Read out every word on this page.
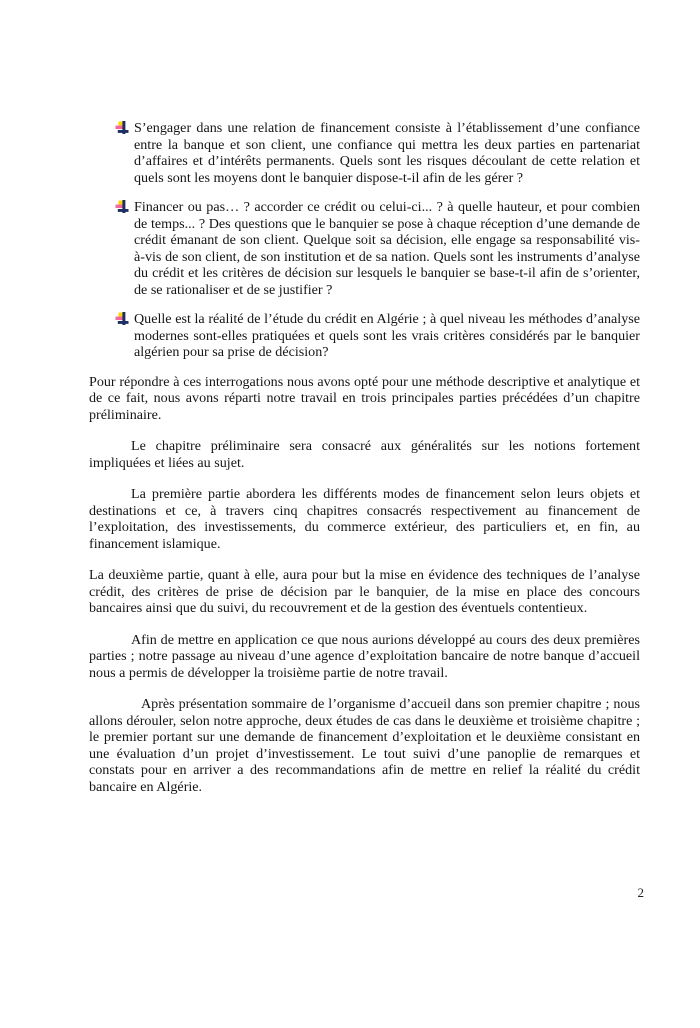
S’engager dans une relation de financement consiste à l’établissement d’une confiance entre la banque et son client, une confiance qui mettra les deux parties en partenariat d’affaires et d’intérêts permanents. Quels sont les risques découlant de cette relation et quels sont les moyens dont le banquier dispose-t-il afin de les gérer ?
Financer ou pas… ? accorder ce crédit ou celui-ci... ? à quelle hauteur, et pour combien de temps... ? Des questions que le banquier se pose à chaque réception d’une demande de crédit émanant de son client. Quelque soit sa décision, elle engage sa responsabilité vis-à-vis de son client, de son institution et de sa nation. Quels sont les instruments d’analyse du crédit et les critères de décision sur lesquels le banquier se base-t-il afin de s’orienter, de se rationaliser et de se justifier ?
Quelle est la réalité de l’étude du crédit en Algérie ; à quel niveau les méthodes d’analyse modernes sont-elles pratiquées et quels sont les vrais critères considérés par le banquier algérien pour sa prise de décision?

Pour répondre à ces interrogations nous avons opté pour une méthode descriptive et analytique et de ce fait, nous avons réparti notre travail en trois principales parties précédées d’un chapitre préliminaire.

Le chapitre préliminaire sera consacré aux généralités sur les notions fortement impliquées et liées au sujet.

La première partie abordera les différents modes de financement selon leurs objets et destinations et ce, à travers cinq chapitres consacrés respectivement au financement de l’exploitation, des investissements, du commerce extérieur, des particuliers et, en fin, au financement islamique.

La deuxième partie, quant à elle, aura pour but la mise en évidence des techniques de l’analyse crédit, des critères de prise de décision par le banquier, de la mise en place des concours bancaires ainsi que du suivi, du recouvrement et de la gestion des éventuels contentieux.

Afin de mettre en application ce que nous aurions développé au cours des deux premières parties ; notre passage au niveau d’une agence d’exploitation bancaire de notre banque d’accueil nous a permis de développer la troisième partie de notre travail.

Après présentation sommaire de l’organisme d’accueil dans son premier chapitre ; nous allons dérouler, selon notre approche, deux études de cas dans le deuxième et troisième chapitre ; le premier portant sur une demande de financement d’exploitation et le deuxième consistant en une évaluation d’un projet d’investissement. Le tout suivi d’une panoplie de remarques et constats pour en arriver a des recommandations afin de mettre en relief la réalité du crédit bancaire en Algérie.

2
